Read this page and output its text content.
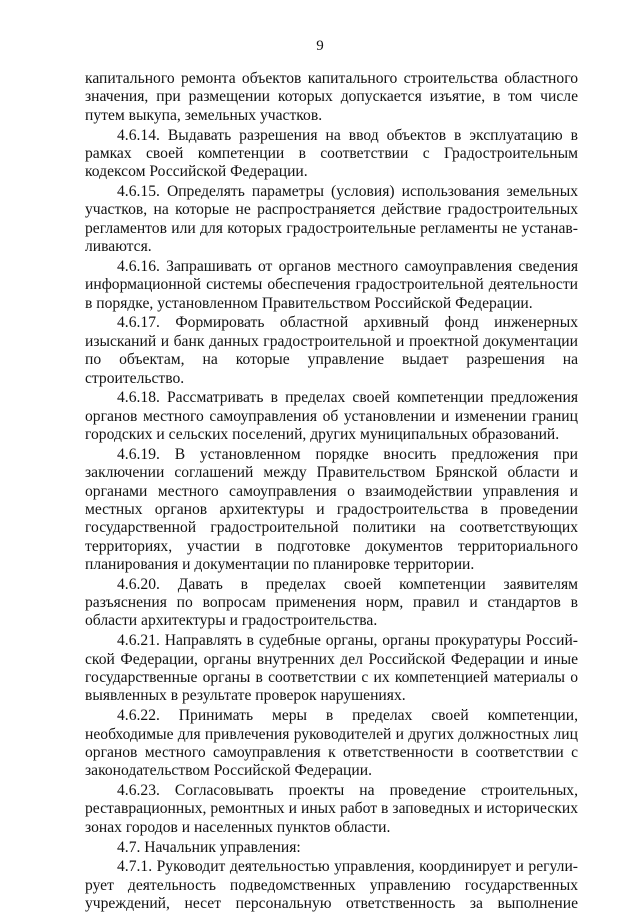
9

капитального ремонта объектов капитального строительства областного значения, при размещении которых допускается изъятие, в том числе путем выкупа, земельных участков.

4.6.14. Выдавать разрешения на ввод объектов в эксплуатацию в рамках своей компетенции в соответствии с Градостроительным кодексом Российской Федерации.

4.6.15. Определять параметры (условия) использования земельных участков, на которые не распространяется действие градостроительных регламентов или для которых градостроительные регламенты не устанавливаются.

4.6.16. Запрашивать от органов местного самоуправления сведения информационной системы обеспечения градостроительной деятельности в порядке, установленном Правительством Российской Федерации.

4.6.17. Формировать областной архивный фонд инженерных изысканий и банк данных градостроительной и проектной документации по объектам, на которые управление выдает разрешения на строительство.

4.6.18. Рассматривать в пределах своей компетенции предложения органов местного самоуправления об установлении и изменении границ городских и сельских поселений, других муниципальных образований.

4.6.19. В установленном порядке вносить предложения при заключении соглашений между Правительством Брянской области и органами местного самоуправления о взаимодействии управления и местных органов архитектуры и градостроительства в проведении государственной градостроительной политики на соответствующих территориях, участии в подготовке документов территориального планирования и документации по планировке территории.

4.6.20. Давать в пределах своей компетенции заявителям разъяснения по вопросам применения норм, правил и стандартов в области архитектуры и градостроительства.

4.6.21. Направлять в судебные органы, органы прокуратуры Российской Федерации, органы внутренних дел Российской Федерации и иные государственные органы в соответствии с их компетенцией материалы о выявленных в результате проверок нарушениях.

4.6.22. Принимать меры в пределах своей компетенции, необходимые для привлечения руководителей и других должностных лиц органов местного самоуправления к ответственности в соответствии с законодательством Российской Федерации.

4.6.23. Согласовывать проекты на проведение строительных, реставрационных, ремонтных и иных работ в заповедных и исторических зонах городов и населенных пунктов области.

4.7. Начальник управления:

4.7.1. Руководит деятельностью управления, координирует и регулирует деятельность подведомственных управлению государственных учреждений, несет персональную ответственность за выполнение
